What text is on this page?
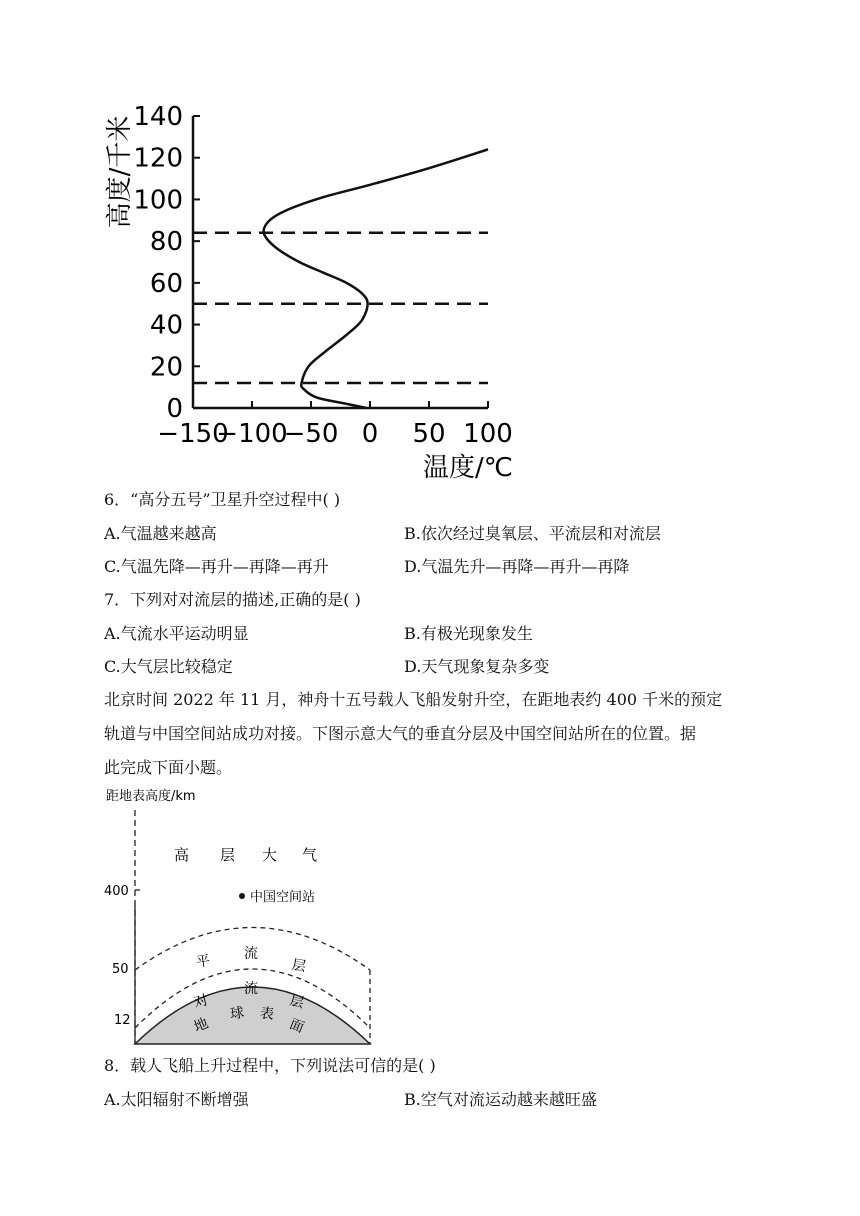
0
20
40
60
80
100
120
140
−150
−100
−50 0 50 100
温度/℃
高度/千米
6．“高分五号”卫星升空过程中( )
A.气温越来越高	B.依次经过臭氧层、平流层和对流层
C.气温先降—再升—再降—再升	D.气温先升—再降—再升—再降
7．下列对对流层的描述,正确的是( )
A.气流水平运动明显	B.有极光现象发生
C.大气层比较稳定	D.天气现象复杂多变
北京时间 2022 年 11 月，神舟十五号载人飞船发射升空，在距地表约 400 千米的预定
轨道与中国空间站成功对接。下图示意大气的垂直分层及中国空间站所在的位置。据
此完成下面小题。
距地表高度/km
400
50
12
高 层 大 气
中国空间站
平 流
层
对
流
层
地
球 表
面
8．载人飞船上升过程中，下列说法可信的是( )
A.太阳辐射不断增强	B.空气对流运动越来越旺盛
